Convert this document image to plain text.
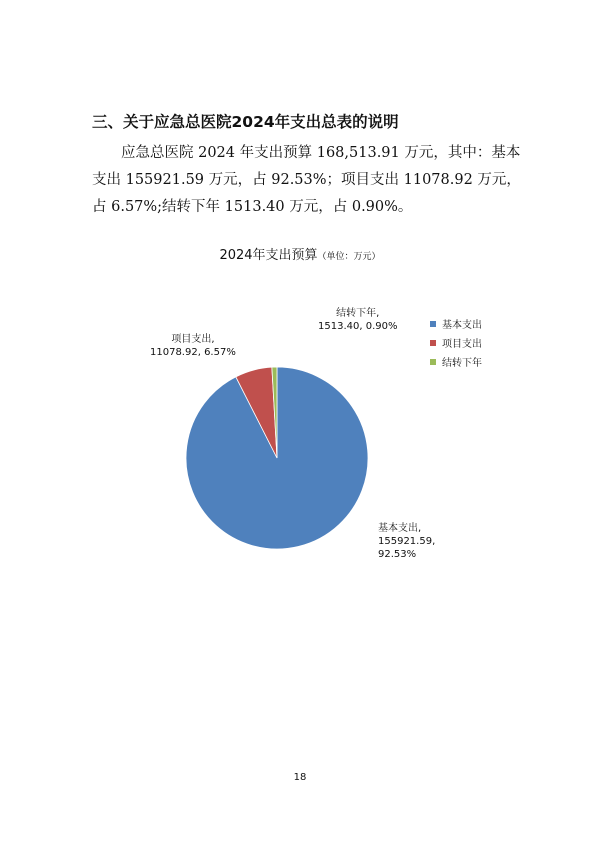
三、关于应急总医院2024年支出总表的说明

应急总医院 2024 年支出预算 168,513.91 万元，其中：基本支出 155921.59 万元，占 92.53%；项目支出 11078.92 万元，占 6.57%;结转下年 1513.40 万元，占 0.90%。

2024年支出预算（单位：万元）
基本支出,
155921.59,
92.53%
项目支出,
11078.92, 6.57%
结转下年,
1513.40, 0.90%	基本支出
项目支出
结转下年
18
